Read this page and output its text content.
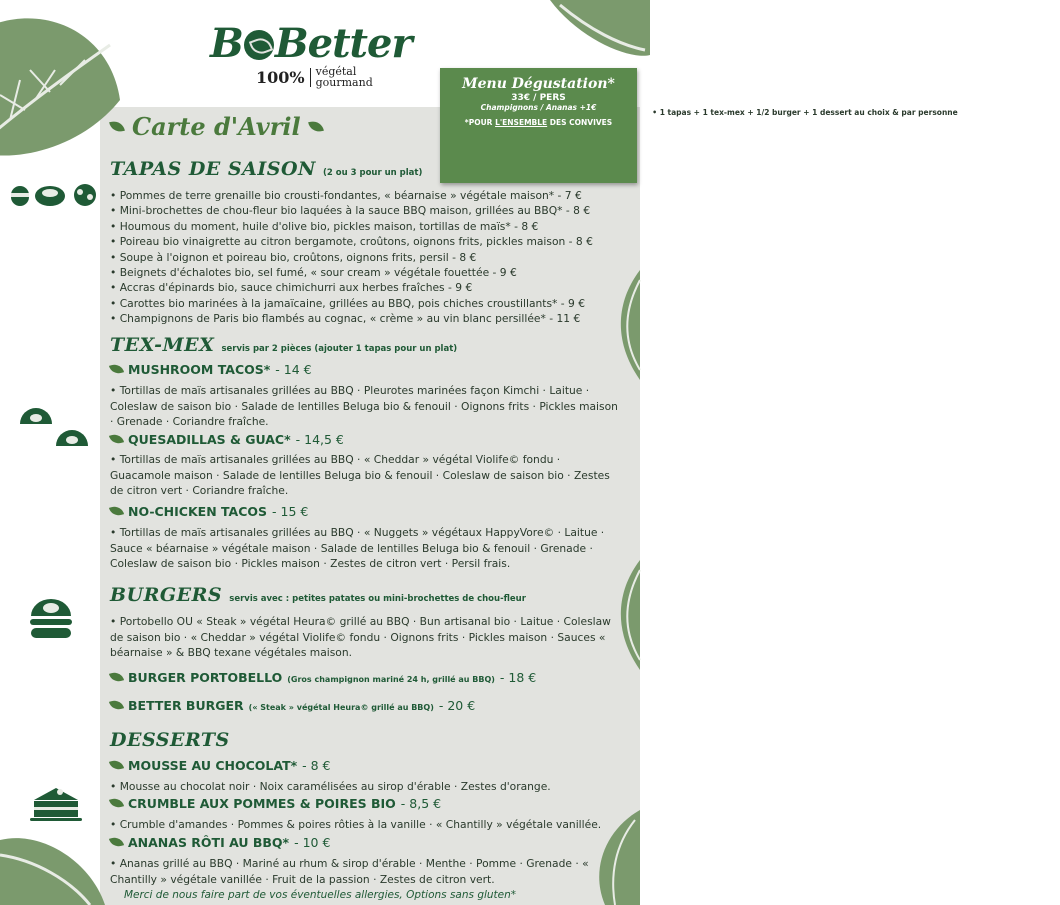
B Better
100%	végétal
gourmand	Menu Dégustation*
33€ / PERS
• 1 tapas + 1 tex-mex + 1/2 burger + 1 dessert au choix & par personne
Champignons / Ananas +1€
*POUR L'ENSEMBLE DES CONVIVES
Carte d'Avril
TAPAS DE SAISON (2 ou 3 pour un plat)
• Pommes de terre grenaille bio crousti-fondantes, « béarnaise » végétale maison* - 7 €
• Mini-brochettes de chou-fleur bio laquées à la sauce BBQ maison, grillées au BBQ* - 8 €
• Houmous du moment, huile d'olive bio, pickles maison, tortillas de maïs* - 8 €
• Poireau bio vinaigrette au citron bergamote, croûtons, oignons frits, pickles maison - 8 €
• Soupe à l'oignon et poireau bio, croûtons, oignons frits, persil - 8 €
• Beignets d'échalotes bio, sel fumé, « sour cream » végétale fouettée - 9 €
• Accras d'épinards bio, sauce chimichurri aux herbes fraîches - 9 €
• Carottes bio marinées à la jamaïcaine, grillées au BBQ, pois chiches croustillants* - 9 €
• Champignons de Paris bio flambés au cognac, « crème » au vin blanc persillée* - 11 €
TEX-MEX servis par 2 pièces (ajouter 1 tapas pour un plat)
MUSHROOM TACOS* - 14 €
• Tortillas de maïs artisanales grillées au BBQ · Pleurotes marinées façon Kimchi · Laitue · Coleslaw de saison bio · Salade de lentilles Beluga bio & fenouil · Oignons frits · Pickles maison · Grenade · Coriandre fraîche.
QUESADILLAS & GUAC* - 14,5 €
• Tortillas de maïs artisanales grillées au BBQ · « Cheddar » végétal Violife© fondu · Guacamole maison · Salade de lentilles Beluga bio & fenouil · Coleslaw de saison bio · Zestes de citron vert · Coriandre fraîche.
NO-CHICKEN TACOS - 15 €
• Tortillas de maïs artisanales grillées au BBQ · « Nuggets » végétaux HappyVore© · Laitue · Sauce « béarnaise » végétale maison · Salade de lentilles Beluga bio & fenouil · Grenade · Coleslaw de saison bio · Pickles maison · Zestes de citron vert · Persil frais.
BURGERS servis avec : petites patates ou mini-brochettes de chou-fleur
• Portobello OU « Steak » végétal Heura© grillé au BBQ · Bun artisanal bio · Laitue · Coleslaw de saison bio · « Cheddar » végétal Violife© fondu · Oignons frits · Pickles maison · Sauces « béarnaise » & BBQ texane végétales maison.
BURGER PORTOBELLO (Gros champignon mariné 24 h, grillé au BBQ) - 18 €
BETTER BURGER (« Steak » végétal Heura© grillé au BBQ) - 20 €
DESSERTS
MOUSSE AU CHOCOLAT* - 8 €
• Mousse au chocolat noir · Noix caramélisées au sirop d'érable · Zestes d'orange.
CRUMBLE AUX POMMES & POIRES BIO - 8,5 €
• Crumble d'amandes · Pommes & poires rôties à la vanille · « Chantilly » végétale vanillée.
ANANAS RÔTI AU BBQ* - 10 €
• Ananas grillé au BBQ · Mariné au rhum & sirop d'érable · Menthe · Pomme · Grenade · « Chantilly » végétale vanillée · Fruit de la passion · Zestes de citron vert.
Merci de nous faire part de vos éventuelles allergies, Options sans gluten*
